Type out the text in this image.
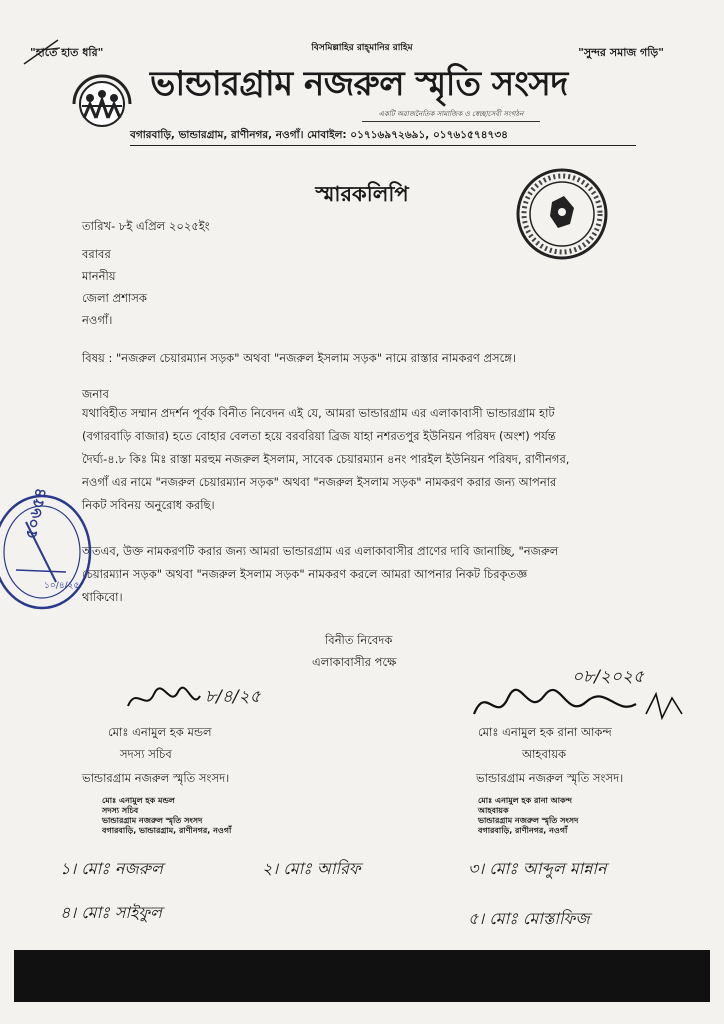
"হাতে হাত ধরি"	বিসমিল্লাহির রাহ্‌মানির রাহিম	"সুন্দর সমাজ গড়ি"
ভান্ডারগ্রাম নজরুল স্মৃতি সংসদ
একটি অরাজনৈতিক সামাজিক ও স্বেচ্ছাসেবী সংগঠন
বগারবাড়ি, ভান্ডারগ্রাম, রাণীনগর, নওগাঁ। মোবাইল: ০১৭১৬৯৭২৬৯১, ০১৭৬১৫৭৪৭৩৪
স্মারকলিপি
তারিখ- ৮ই এপ্রিল ২০২৫ইং
বরাবর
মাননীয়
জেলা প্রশাসক
নওগাঁ।
বিষয় : "নজরুল চেয়ারম্যান সড়ক" অথবা "নজরুল ইসলাম সড়ক" নামে রাস্তার নামকরণ প্রসঙ্গে।
জনাব
যথাবিহীত সম্মান প্রদর্শন পূর্বক বিনীত নিবেদন এই যে, আমরা ভান্ডারগ্রাম এর এলাকাবাসী ভান্ডারগ্রাম হাট
(বগারবাড়ি বাজার) হতে বোহার বেলতা হয়ে বরবরিয়া ব্রিজ যাহা নশরতপুর ইউনিয়ন পরিষদ (অংশ) পর্যন্ত
দৈর্ঘ্য-৪.৮ কিঃ মিঃ রাস্তা মরহুম নজরুল ইসলাম, সাবেক চেয়ারম্যান ৪নং পারইল ইউনিয়ন পরিষদ, রাণীনগর,
নওগাঁ এর নামে "নজরুল চেয়ারম্যান সড়ক" অথবা "নজরুল ইসলাম সড়ক" নামকরণ করার জন্য আপনার
নিকট সবিনয় অনুরোধ করছি।
অতএব, উক্ত নামকরণটি করার জন্য আমরা ভান্ডারগ্রাম এর এলাকাবাসীর প্রাণের দাবি জানাচ্ছি, "নজরুল
চেয়ারম্যান সড়ক" অথবা "নজরুল ইসলাম সড়ক" নামকরণ করলে আমরা আপনার নিকট চিরকৃতজ্ঞ
থাকিবো।
৫০৬৫৪
১০/৪/২৫
বিনীত নিবেদক
এলাকাবাসীর পক্ষে
৮/৪/২৫
মোঃ এনামুল হক মন্ডল
সদস্য সচিব
ভান্ডারগ্রাম নজরুল স্মৃতি সংসদ।
মোঃ এনামুল হক মন্ডল
সদস্য সচিব
ভান্ডারগ্রাম নজরুল স্মৃতি সংসদ
বগারবাড়ি, ভান্ডারগ্রাম, রাণীনগর, নওগাঁ
০৮/২০২৫
মোঃ এনামুল হক রানা আকন্দ
আহবায়ক
ভান্ডারগ্রাম নজরুল স্মৃতি সংসদ।
মোঃ এনামুল হক রানা আকন্দ
আহবায়ক
ভান্ডারগ্রাম নজরুল স্মৃতি সংসদ
বগারবাড়ি, রাণীনগর, নওগাঁ
১। মোঃ নজরুল	২। মোঃ আরিফ	৩। মোঃ আব্দুল মান্নান
৪। মোঃ সাইফুল	৫। মোঃ মোস্তাফিজ
